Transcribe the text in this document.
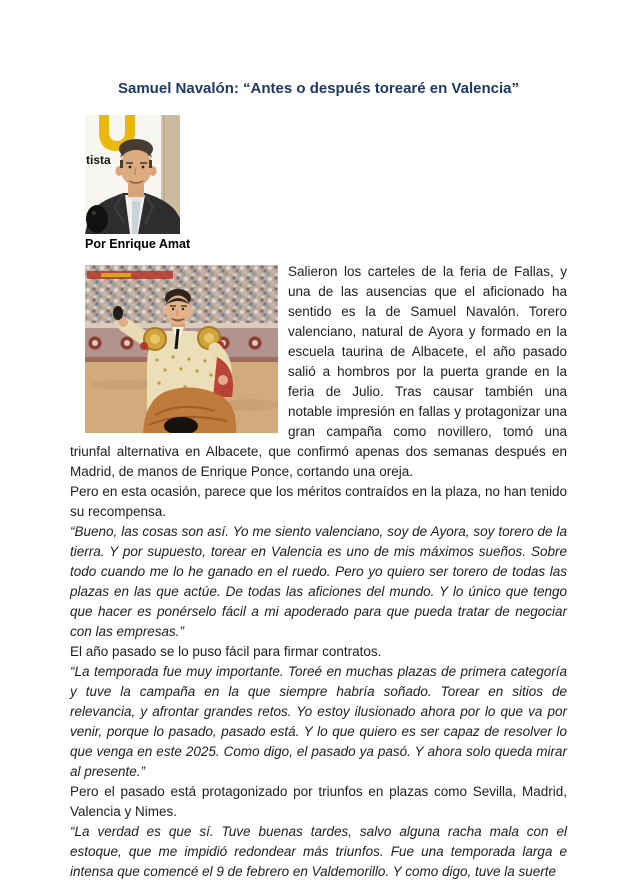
Samuel Navalón: “Antes o después torearé en Valencia”
tista
Por Enrique Amat

Salieron los carteles de la feria de Fallas, y una de las ausencias que el aficionado ha sentido es la de Samuel Navalón. Torero valenciano, natural de Ayora y formado en la escuela taurina de Albacete, el año pasado salió a hombros por la puerta grande en la feria de Julio. Tras causar también una notable impresión en fallas y protagonizar una gran campaña como novillero, tomó una triunfal alternativa en Albacete, que confirmó apenas dos semanas después en Madrid, de manos de Enrique Ponce, cortando una oreja.

Pero en esta ocasión, parece que los méritos contraídos en la plaza, no han tenido su recompensa.

“Bueno, las cosas son así. Yo me siento valenciano, soy de Ayora, soy torero de la tierra. Y por supuesto, torear en Valencia es uno de mis máximos sueños. Sobre todo cuando me lo he ganado en el ruedo. Pero yo quiero ser torero de todas las plazas en las que actúe. De todas las aficiones del mundo. Y lo único que tengo que hacer es ponérselo fácil a mi apoderado para que pueda tratar de negociar con las empresas.”

El año pasado se lo puso fácil para firmar contratos.

“La temporada fue muy importante. Toreé en muchas plazas de primera categoría y tuve la campaña en la que siempre habría soñado. Torear en sitios de relevancia, y afrontar grandes retos. Yo estoy ilusionado ahora por lo que va por venir, porque lo pasado, pasado está. Y lo que quiero es ser capaz de resolver lo que venga en este 2025. Como digo, el pasado ya pasó. Y ahora solo queda mirar al presente.”

Pero el pasado está protagonizado por triunfos en plazas como Sevilla, Madrid, Valencia y Nimes.

“La verdad es que sí. Tuve buenas tardes, salvo alguna racha mala con el estoque, que me impidió redondear más triunfos. Fue una temporada larga e intensa que comencé el 9 de febrero en Valdemorillo. Y como digo, tuve la suerte
